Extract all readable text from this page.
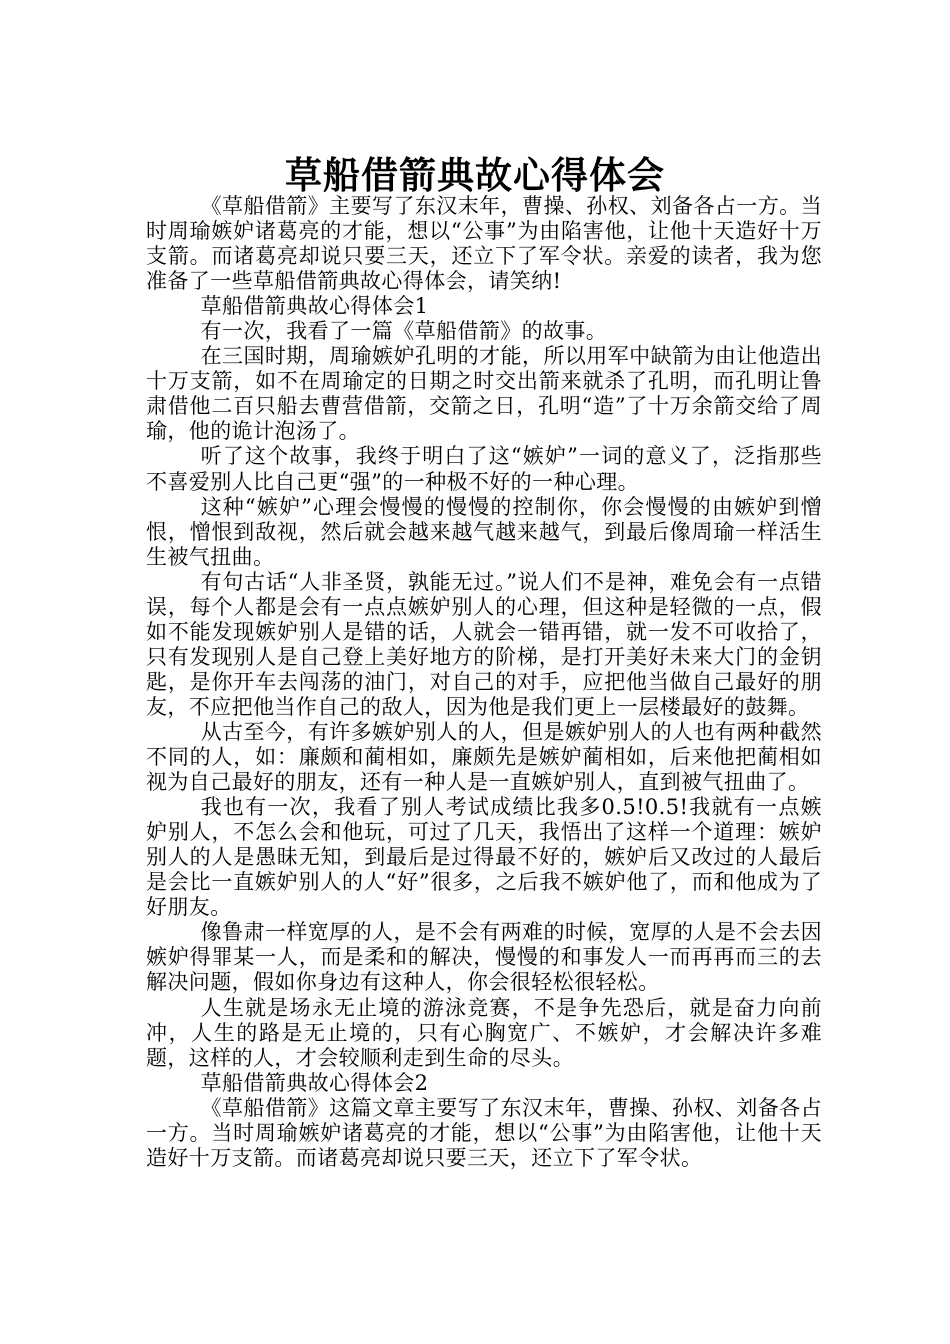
草船借箭典故心得体会

《草船借箭》主要写了东汉末年，曹操、孙权、刘备各占一方。当时周瑜嫉妒诸葛亮的才能，想以“公事”为由陷害他，让他十天造好十万支箭。而诸葛亮却说只要三天，还立下了军令状。亲爱的读者，我为您准备了一些草船借箭典故心得体会，请笑纳!

草船借箭典故心得体会1

有一次，我看了一篇《草船借箭》的故事。

在三国时期，周瑜嫉妒孔明的才能，所以用军中缺箭为由让他造出十万支箭，如不在周瑜定的日期之时交出箭来就杀了孔明，而孔明让鲁肃借他二百只船去曹营借箭，交箭之日，孔明“造”了十万余箭交给了周瑜，他的诡计泡汤了。

听了这个故事，我终于明白了这“嫉妒”一词的意义了，泛指那些不喜爱别人比自己更“强”的一种极不好的一种心理。

这种“嫉妒”心理会慢慢的慢慢的控制你，你会慢慢的由嫉妒到憎恨，憎恨到敌视，然后就会越来越气越来越气，到最后像周瑜一样活生生被气扭曲。

有句古话“人非圣贤，孰能无过。”说人们不是神，难免会有一点错误，每个人都是会有一点点嫉妒别人的心理，但这种是轻微的一点，假如不能发现嫉妒别人是错的话，人就会一错再错，就一发不可收拾了，只有发现别人是自己登上美好地方的阶梯，是打开美好未来大门的金钥匙，是你开车去闯荡的油门，对自己的对手，应把他当做自己最好的朋友，不应把他当作自己的敌人，因为他是我们更上一层楼最好的鼓舞。

从古至今，有许多嫉妒别人的人，但是嫉妒别人的人也有两种截然不同的人，如：廉颇和蔺相如，廉颇先是嫉妒蔺相如，后来他把蔺相如视为自己最好的朋友，还有一种人是一直嫉妒别人，直到被气扭曲了。

我也有一次，我看了别人考试成绩比我多0.5!0.5!我就有一点嫉妒别人，不怎么会和他玩，可过了几天，我悟出了这样一个道理：嫉妒别人的人是愚昧无知，到最后是过得最不好的，嫉妒后又改过的人最后是会比一直嫉妒别人的人“好”很多，之后我不嫉妒他了，而和他成为了好朋友。

像鲁肃一样宽厚的人，是不会有两难的时候，宽厚的人是不会去因嫉妒得罪某一人，而是柔和的解决，慢慢的和事发人一而再再而三的去解决问题，假如你身边有这种人，你会很轻松很轻松。

人生就是场永无止境的游泳竞赛，不是争先恐后，就是奋力向前冲，人生的路是无止境的，只有心胸宽广、不嫉妒，才会解决许多难题，这样的人，才会较顺利走到生命的尽头。

草船借箭典故心得体会2

《草船借箭》这篇文章主要写了东汉末年，曹操、孙权、刘备各占一方。当时周瑜嫉妒诸葛亮的才能，想以“公事”为由陷害他，让他十天造好十万支箭。而诸葛亮却说只要三天，还立下了军令状。
